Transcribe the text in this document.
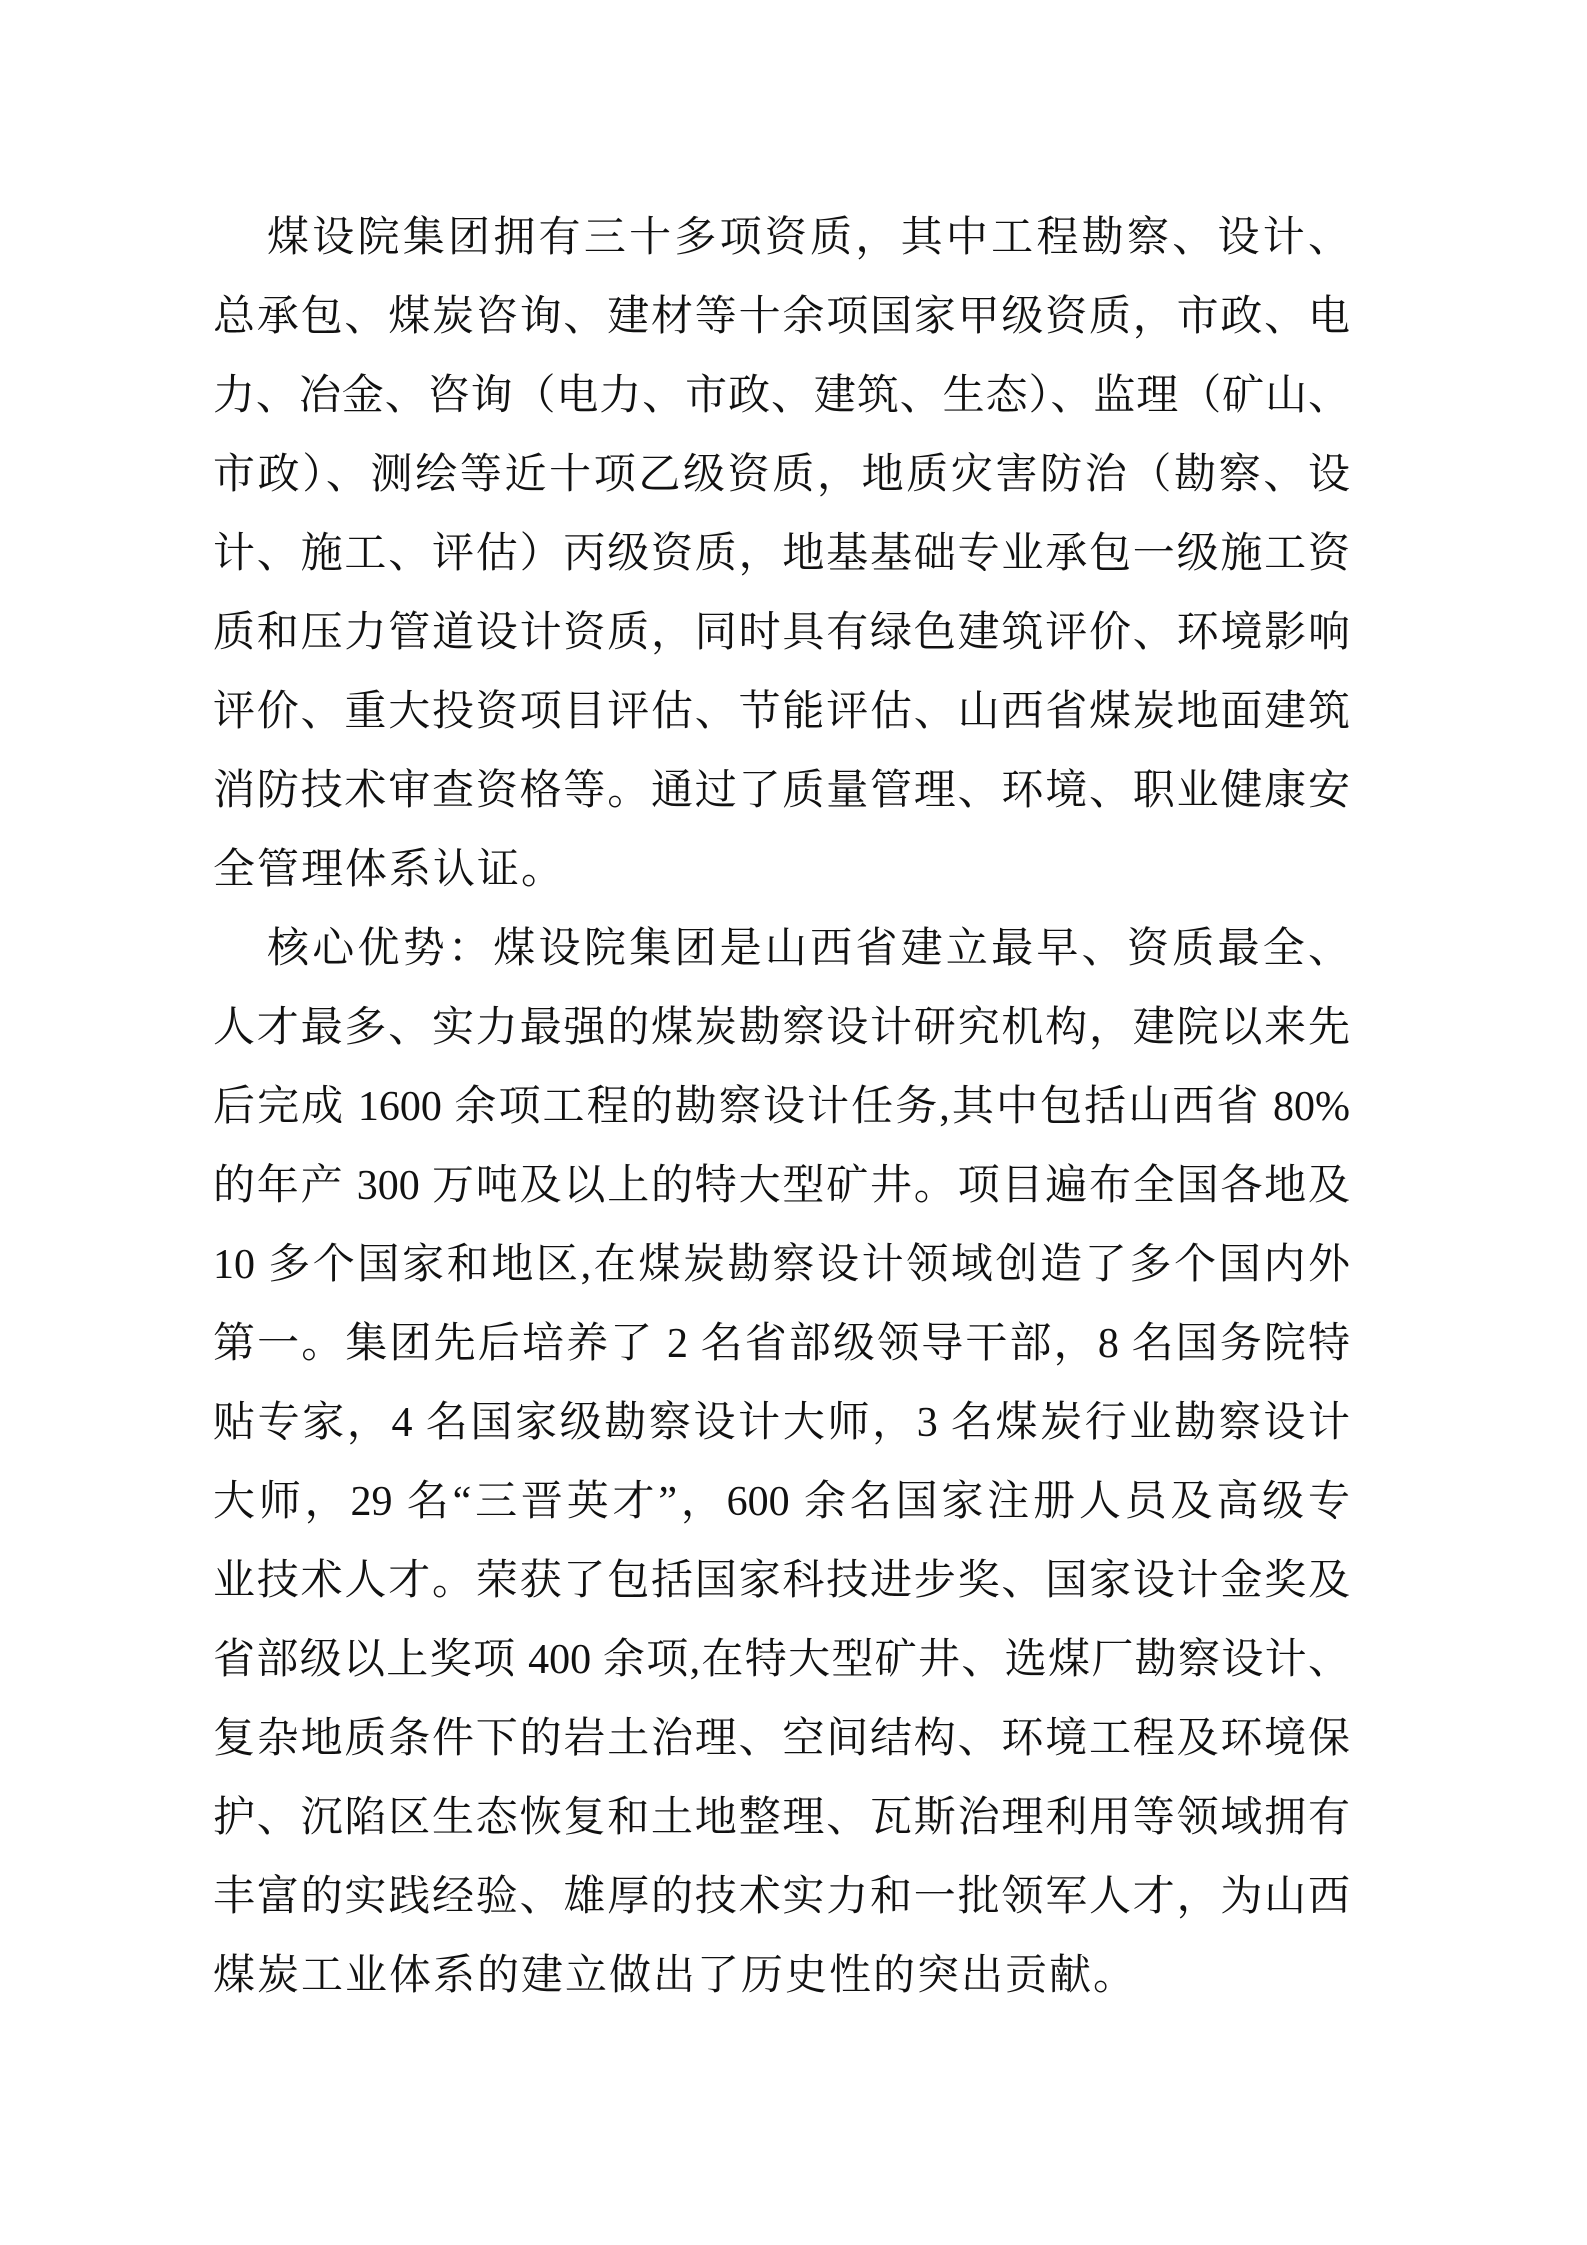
煤设院集团拥有三十多项资质，其中工程勘察、设计、
总承包、煤炭咨询、建材等十余项国家甲级资质，市政、电
力、冶金、咨询（电力、市政、建筑、生态）、监理（矿山、
市政）、测绘等近十项乙级资质，地质灾害防治（勘察、设
计、施工、评估）丙级资质，地基基础专业承包一级施工资
质和压力管道设计资质，同时具有绿色建筑评价、环境影响
评价、重大投资项目评估、节能评估、山西省煤炭地面建筑
消防技术审查资格等。通过了质量管理、环境、职业健康安
全管理体系认证。
核心优势：煤设院集团是山西省建立最早、资质最全、
人才最多、实力最强的煤炭勘察设计研究机构，建院以来先
后完成 1600 余项工程的勘察设计任务,其中包括山西省 80%
的年产 300 万吨及以上的特大型矿井。项目遍布全国各地及
10 多个国家和地区,在煤炭勘察设计领域创造了多个国内外
第一。集团先后培养了 2 名省部级领导干部，8 名国务院特
贴专家，4 名国家级勘察设计大师，3 名煤炭行业勘察设计
大师，29 名“三晋英才”，600 余名国家注册人员及高级专
业技术人才。荣获了包括国家科技进步奖、国家设计金奖及
省部级以上奖项 400 余项,在特大型矿井、选煤厂勘察设计、
复杂地质条件下的岩土治理、空间结构、环境工程及环境保
护、沉陷区生态恢复和土地整理、瓦斯治理利用等领域拥有
丰富的实践经验、雄厚的技术实力和一批领军人才，为山西
煤炭工业体系的建立做出了历史性的突出贡献。
